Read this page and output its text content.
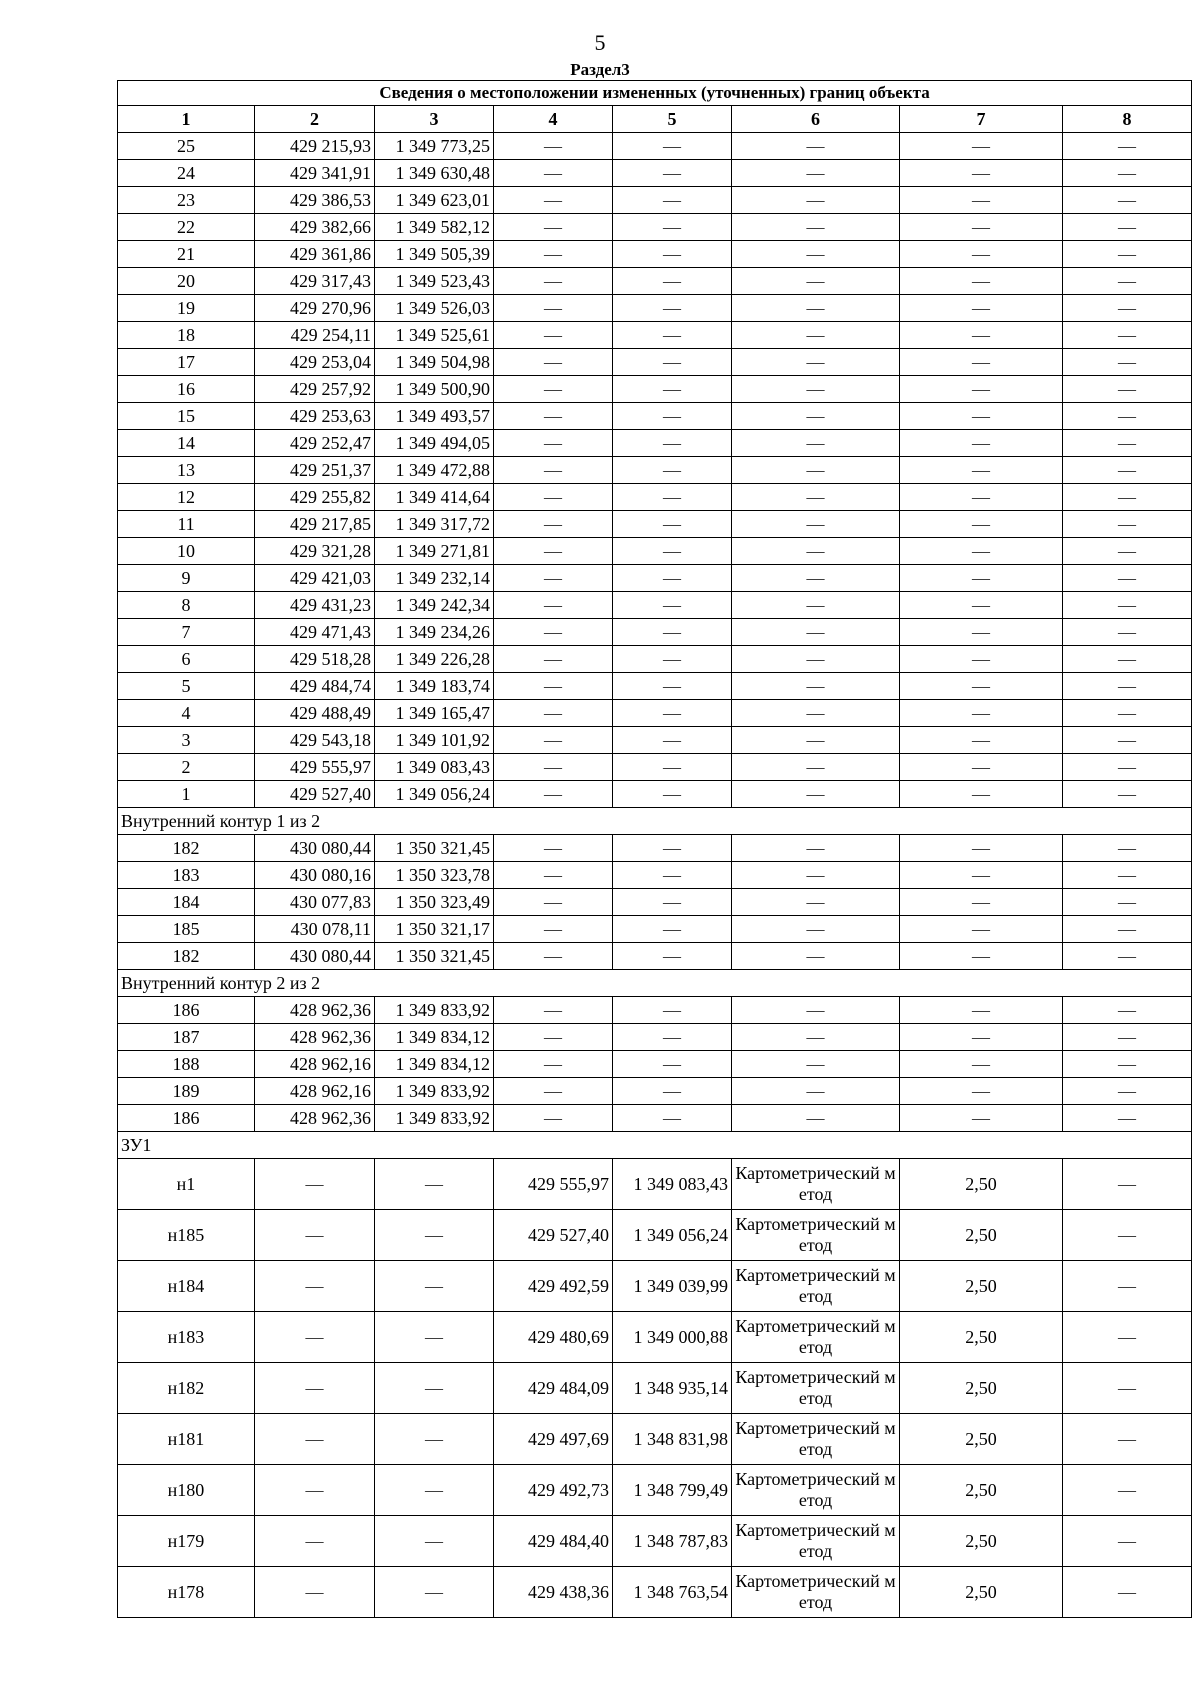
5
Раздел3
Сведения о местоположении измененных (уточненных) границ объекта							
1	2	3	4	5	6	7	8
25	429 215,93	1 349 773,25	—	—	—	—	—
24	429 341,91	1 349 630,48	—	—	—	—	—
23	429 386,53	1 349 623,01	—	—	—	—	—
22	429 382,66	1 349 582,12	—	—	—	—	—
21	429 361,86	1 349 505,39	—	—	—	—	—
20	429 317,43	1 349 523,43	—	—	—	—	—
19	429 270,96	1 349 526,03	—	—	—	—	—
18	429 254,11	1 349 525,61	—	—	—	—	—
17	429 253,04	1 349 504,98	—	—	—	—	—
16	429 257,92	1 349 500,90	—	—	—	—	—
15	429 253,63	1 349 493,57	—	—	—	—	—
14	429 252,47	1 349 494,05	—	—	—	—	—
13	429 251,37	1 349 472,88	—	—	—	—	—
12	429 255,82	1 349 414,64	—	—	—	—	—
11	429 217,85	1 349 317,72	—	—	—	—	—
10	429 321,28	1 349 271,81	—	—	—	—	—
9	429 421,03	1 349 232,14	—	—	—	—	—
8	429 431,23	1 349 242,34	—	—	—	—	—
7	429 471,43	1 349 234,26	—	—	—	—	—
6	429 518,28	1 349 226,28	—	—	—	—	—
5	429 484,74	1 349 183,74	—	—	—	—	—
4	429 488,49	1 349 165,47	—	—	—	—	—
3	429 543,18	1 349 101,92	—	—	—	—	—
2	429 555,97	1 349 083,43	—	—	—	—	—
1	429 527,40	1 349 056,24	—	—	—	—	—
Внутренний контур 1 из 2							
182	430 080,44	1 350 321,45	—	—	—	—	—
183	430 080,16	1 350 323,78	—	—	—	—	—
184	430 077,83	1 350 323,49	—	—	—	—	—
185	430 078,11	1 350 321,17	—	—	—	—	—
182	430 080,44	1 350 321,45	—	—	—	—	—
Внутренний контур 2 из 2							
186	428 962,36	1 349 833,92	—	—	—	—	—
187	428 962,36	1 349 834,12	—	—	—	—	—
188	428 962,16	1 349 834,12	—	—	—	—	—
189	428 962,16	1 349 833,92	—	—	—	—	—
186	428 962,36	1 349 833,92	—	—	—	—	—
ЗУ1							
н1	—	—	429 555,97	1 349 083,43	Картометрический метод	2,50	—
н185	—	—	429 527,40	1 349 056,24	Картометрический метод	2,50	—
н184	—	—	429 492,59	1 349 039,99	Картометрический метод	2,50	—
н183	—	—	429 480,69	1 349 000,88	Картометрический метод	2,50	—
н182	—	—	429 484,09	1 348 935,14	Картометрический метод	2,50	—
н181	—	—	429 497,69	1 348 831,98	Картометрический метод	2,50	—
н180	—	—	429 492,73	1 348 799,49	Картометрический метод	2,50	—
н179	—	—	429 484,40	1 348 787,83	Картометрический метод	2,50	—
н178	—	—	429 438,36	1 348 763,54	Картометрический метод	2,50	—
